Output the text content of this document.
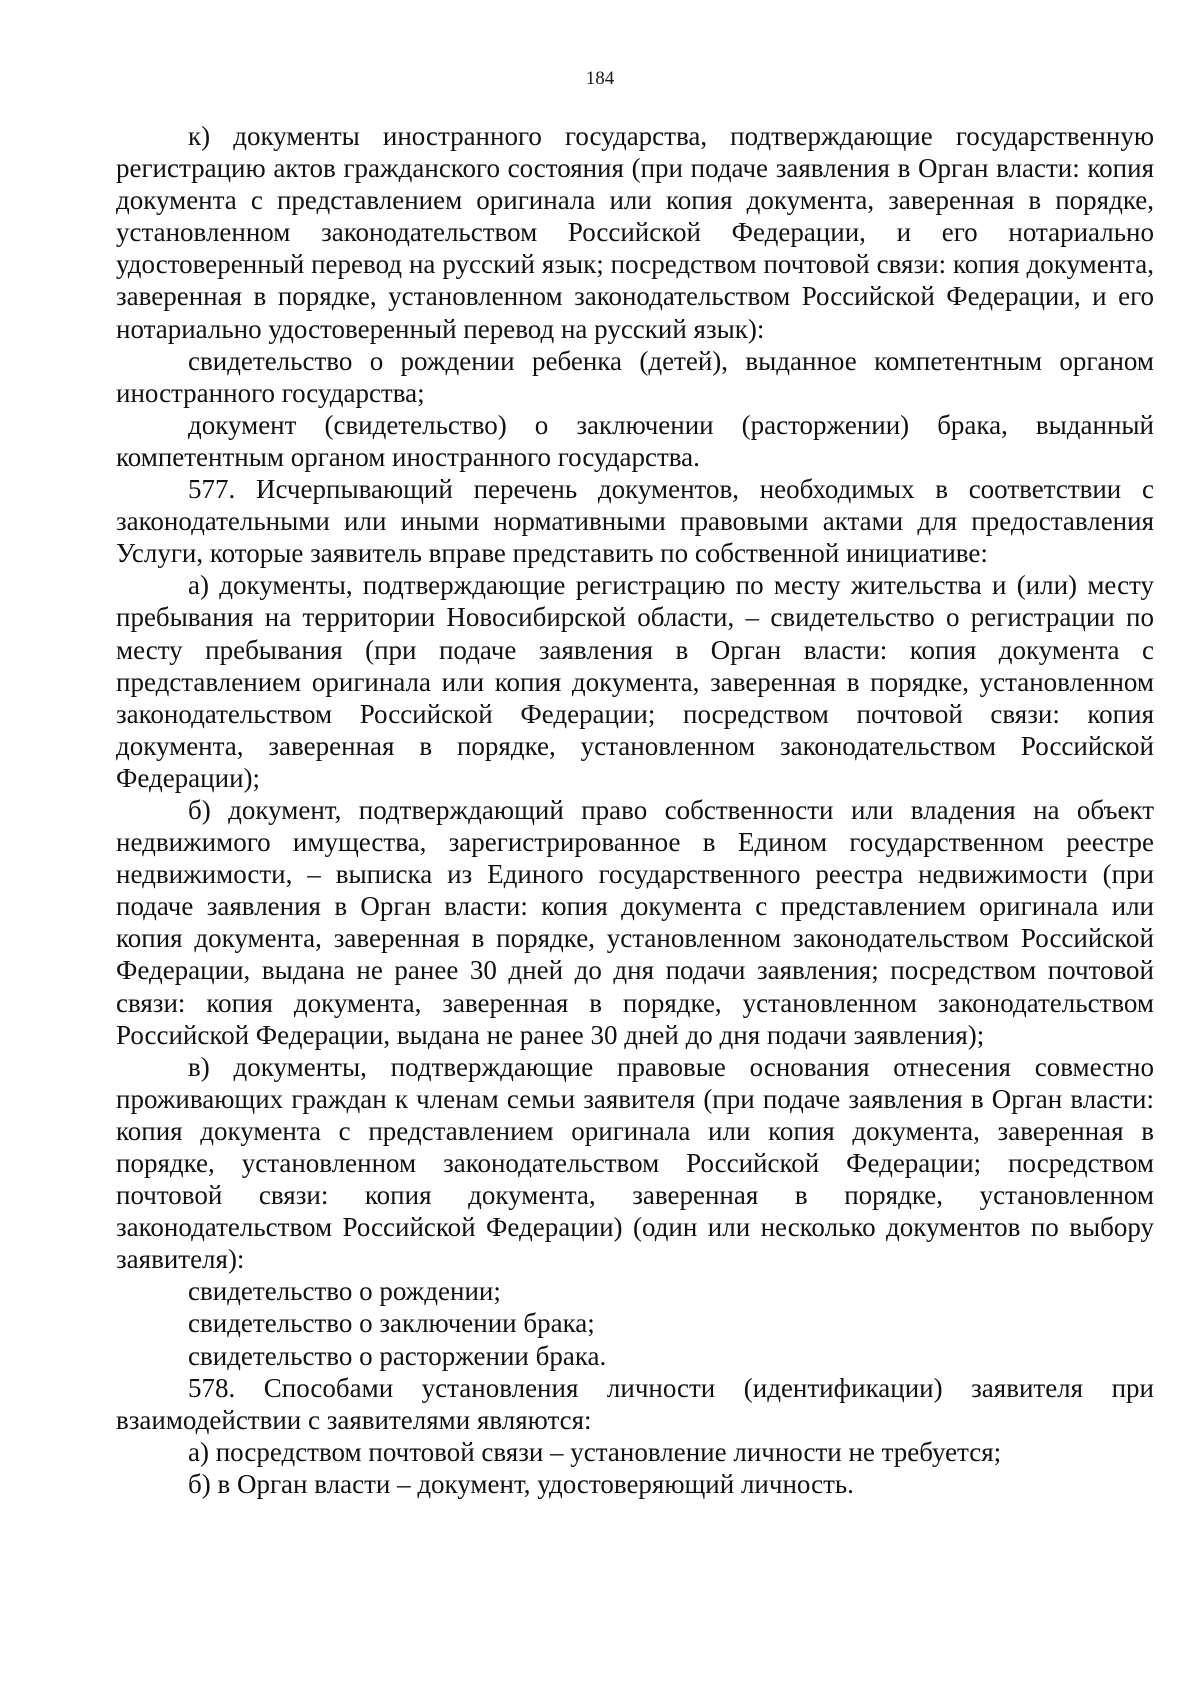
184

к) документы иностранного государства, подтверждающие государственную регистрацию актов гражданского состояния (при подаче заявления в Орган власти: копия документа с представлением оригинала или копия документа, заверенная в порядке, установленном законодательством Российской Федерации, и его нотариально удостоверенный перевод на русский язык; посредством почтовой связи: копия документа, заверенная в порядке, установленном законодательством Российской Федерации, и его нотариально удостоверенный перевод на русский язык):

свидетельство о рождении ребенка (детей), выданное компетентным органом иностранного государства;

документ (свидетельство) о заключении (расторжении) брака, выданный компетентным органом иностранного государства.

577. Исчерпывающий перечень документов, необходимых в соответствии с законодательными или иными нормативными правовыми актами для предоставления Услуги, которые заявитель вправе представить по собственной инициативе:

а) документы, подтверждающие регистрацию по месту жительства и (или) месту пребывания на территории Новосибирской области, – свидетельство о регистрации по месту пребывания (при подаче заявления в Орган власти: копия документа с представлением оригинала или копия документа, заверенная в порядке, установленном законодательством Российской Федерации; посредством почтовой связи: копия документа, заверенная в порядке, установленном законодательством Российской Федерации);

б) документ, подтверждающий право собственности или владения на объект недвижимого имущества, зарегистрированное в Едином государственном реестре недвижимости, – выписка из Единого государственного реестра недвижимости (при подаче заявления в Орган власти: копия документа с представлением оригинала или копия документа, заверенная в порядке, установленном законодательством Российской Федерации, выдана не ранее 30 дней до дня подачи заявления; посредством почтовой связи: копия документа, заверенная в порядке, установленном законодательством Российской Федерации, выдана не ранее 30 дней до дня подачи заявления);

в) документы, подтверждающие правовые основания отнесения совместно проживающих граждан к членам семьи заявителя (при подаче заявления в Орган власти: копия документа с представлением оригинала или копия документа, заверенная в порядке, установленном законодательством Российской Федерации; посредством почтовой связи: копия документа, заверенная в порядке, установленном законодательством Российской Федерации) (один или несколько документов по выбору заявителя):

свидетельство о рождении;

свидетельство о заключении брака;

свидетельство о расторжении брака.

578. Способами установления личности (идентификации) заявителя при взаимодействии с заявителями являются:

а) посредством почтовой связи – установление личности не требуется;

б) в Орган власти – документ, удостоверяющий личность.
